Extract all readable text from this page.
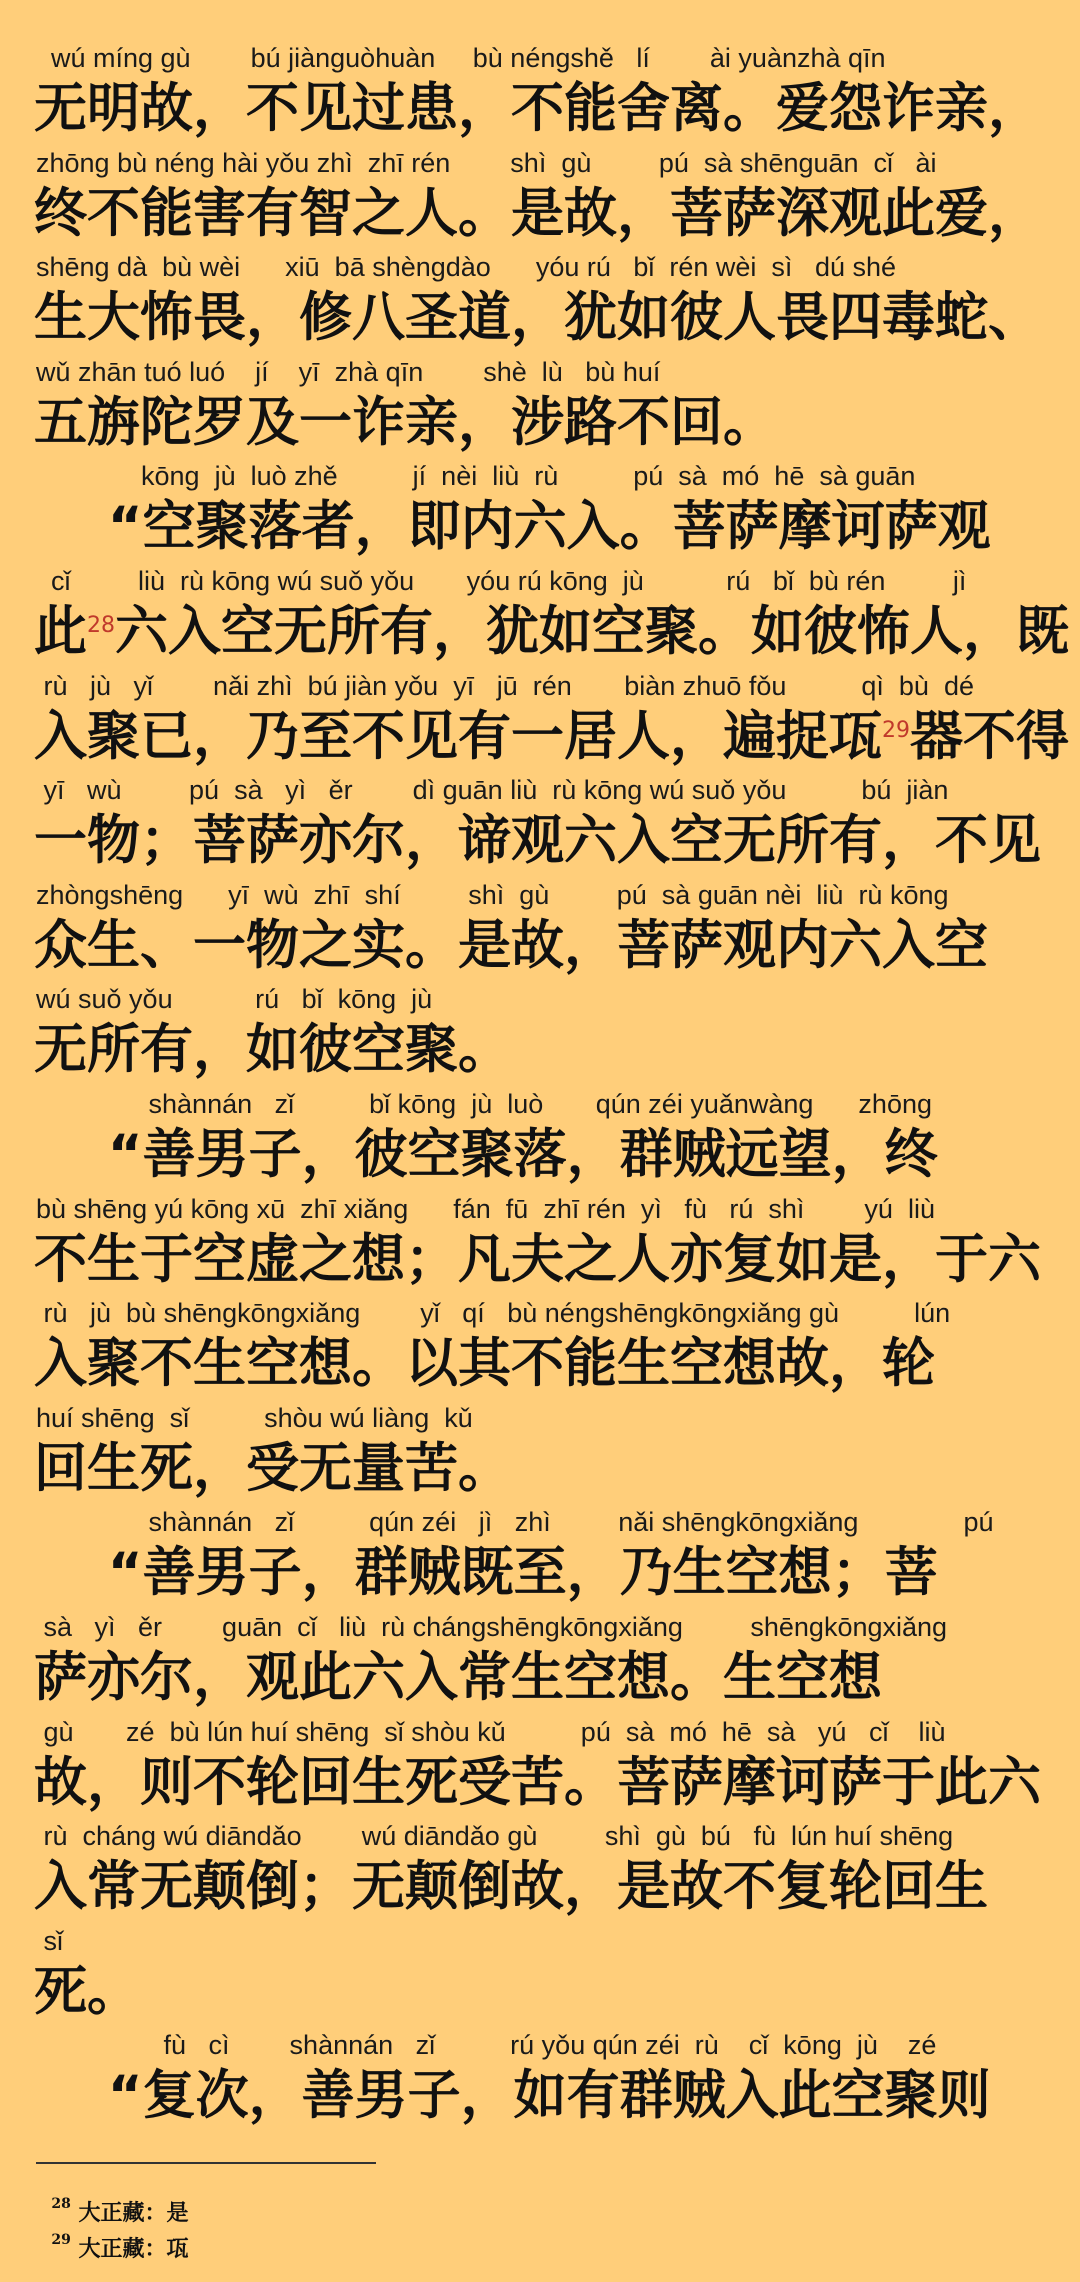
wú míng gù        bú jiànguòhuàn     bù néngshě   lí        ài yuànzhà qīn
无明故，不见过患，不能舍离。爱怨诈亲，
zhōng bù néng hài yǒu zhì  zhī rén        shì  gù         pú  sà shēnguān  cǐ   ài
终不能害有智之人。是故，菩萨深观此爱，
shēng dà  bù wèi      xiū  bā shèngdào      yóu rú   bǐ  rén wèi  sì   dú shé
生大怖畏，修八圣道，犹如彼人畏四毒蛇、
wǔ zhān tuó luó    jí    yī  zhà qīn        shè  lù   bù huí
五旃陀罗及一诈亲，涉路不回。
kōng  jù  luò zhě          jí  nèi  liù  rù          pú  sà  mó  hē  sà guān
“空聚落者，即内六入。菩萨摩诃萨观
cǐ         liù  rù kōng wú suǒ yǒu       yóu rú kōng  jù           rú   bǐ  bù rén         jì
此$^{28}$六入空无所有，犹如空聚。如彼怖人，既
rù   jù   yǐ        nǎi zhì  bú jiàn yǒu  yī   jū  rén       biàn zhuō fǒu          qì  bù  dé
入聚已，乃至不见有一居人，遍捉瓨$^{29}$器不得
yī   wù         pú  sà   yì   ěr        dì guān liù  rù kōng wú suǒ yǒu          bú  jiàn
一物；菩萨亦尔，谛观六入空无所有，不见
zhòngshēng      yī  wù  zhī  shí         shì  gù         pú  sà guān nèi  liù  rù kōng
众生、一物之实。是故，菩萨观内六入空
wú suǒ yǒu           rú   bǐ  kōng  jù
无所有，如彼空聚。
shànnán   zǐ          bǐ kōng  jù  luò       qún zéi yuǎnwàng      zhōng
“善男子，彼空聚落，群贼远望，终
bù shēng yú kōng xū  zhī xiǎng      fán  fū  zhī rén  yì   fù   rú  shì        yú  liù
不生于空虚之想；凡夫之人亦复如是，于六
rù   jù  bù shēngkōngxiǎng        yǐ   qí   bù néngshēngkōngxiǎng gù          lún
入聚不生空想。以其不能生空想故，轮
huí shēng  sǐ          shòu wú liàng  kǔ
回生死，受无量苦。
shànnán   zǐ          qún zéi   jì   zhì         nǎi shēngkōngxiǎng              pú
“善男子，群贼既至，乃生空想；菩
sà   yì   ěr        guān  cǐ   liù  rù chángshēngkōngxiǎng         shēngkōngxiǎng
萨亦尔，观此六入常生空想。生空想
gù       zé  bù lún huí shēng  sǐ shòu kǔ          pú  sà  mó  hē  sà   yú   cǐ    liù
故，则不轮回生死受苦。菩萨摩诃萨于此六
rù  cháng wú diāndǎo        wú diāndǎo gù         shì  gù  bú   fù  lún huí shēng
入常无颠倒；无颠倒故，是故不复轮回生
sǐ
死。
fù   cì        shànnán   zǐ          rú yǒu qún zéi  rù    cǐ  kōng  jù    zé
“复次，善男子，如有群贼入此空聚则

$^{28}$ 大正藏：是

$^{29}$ 大正藏：瓨
